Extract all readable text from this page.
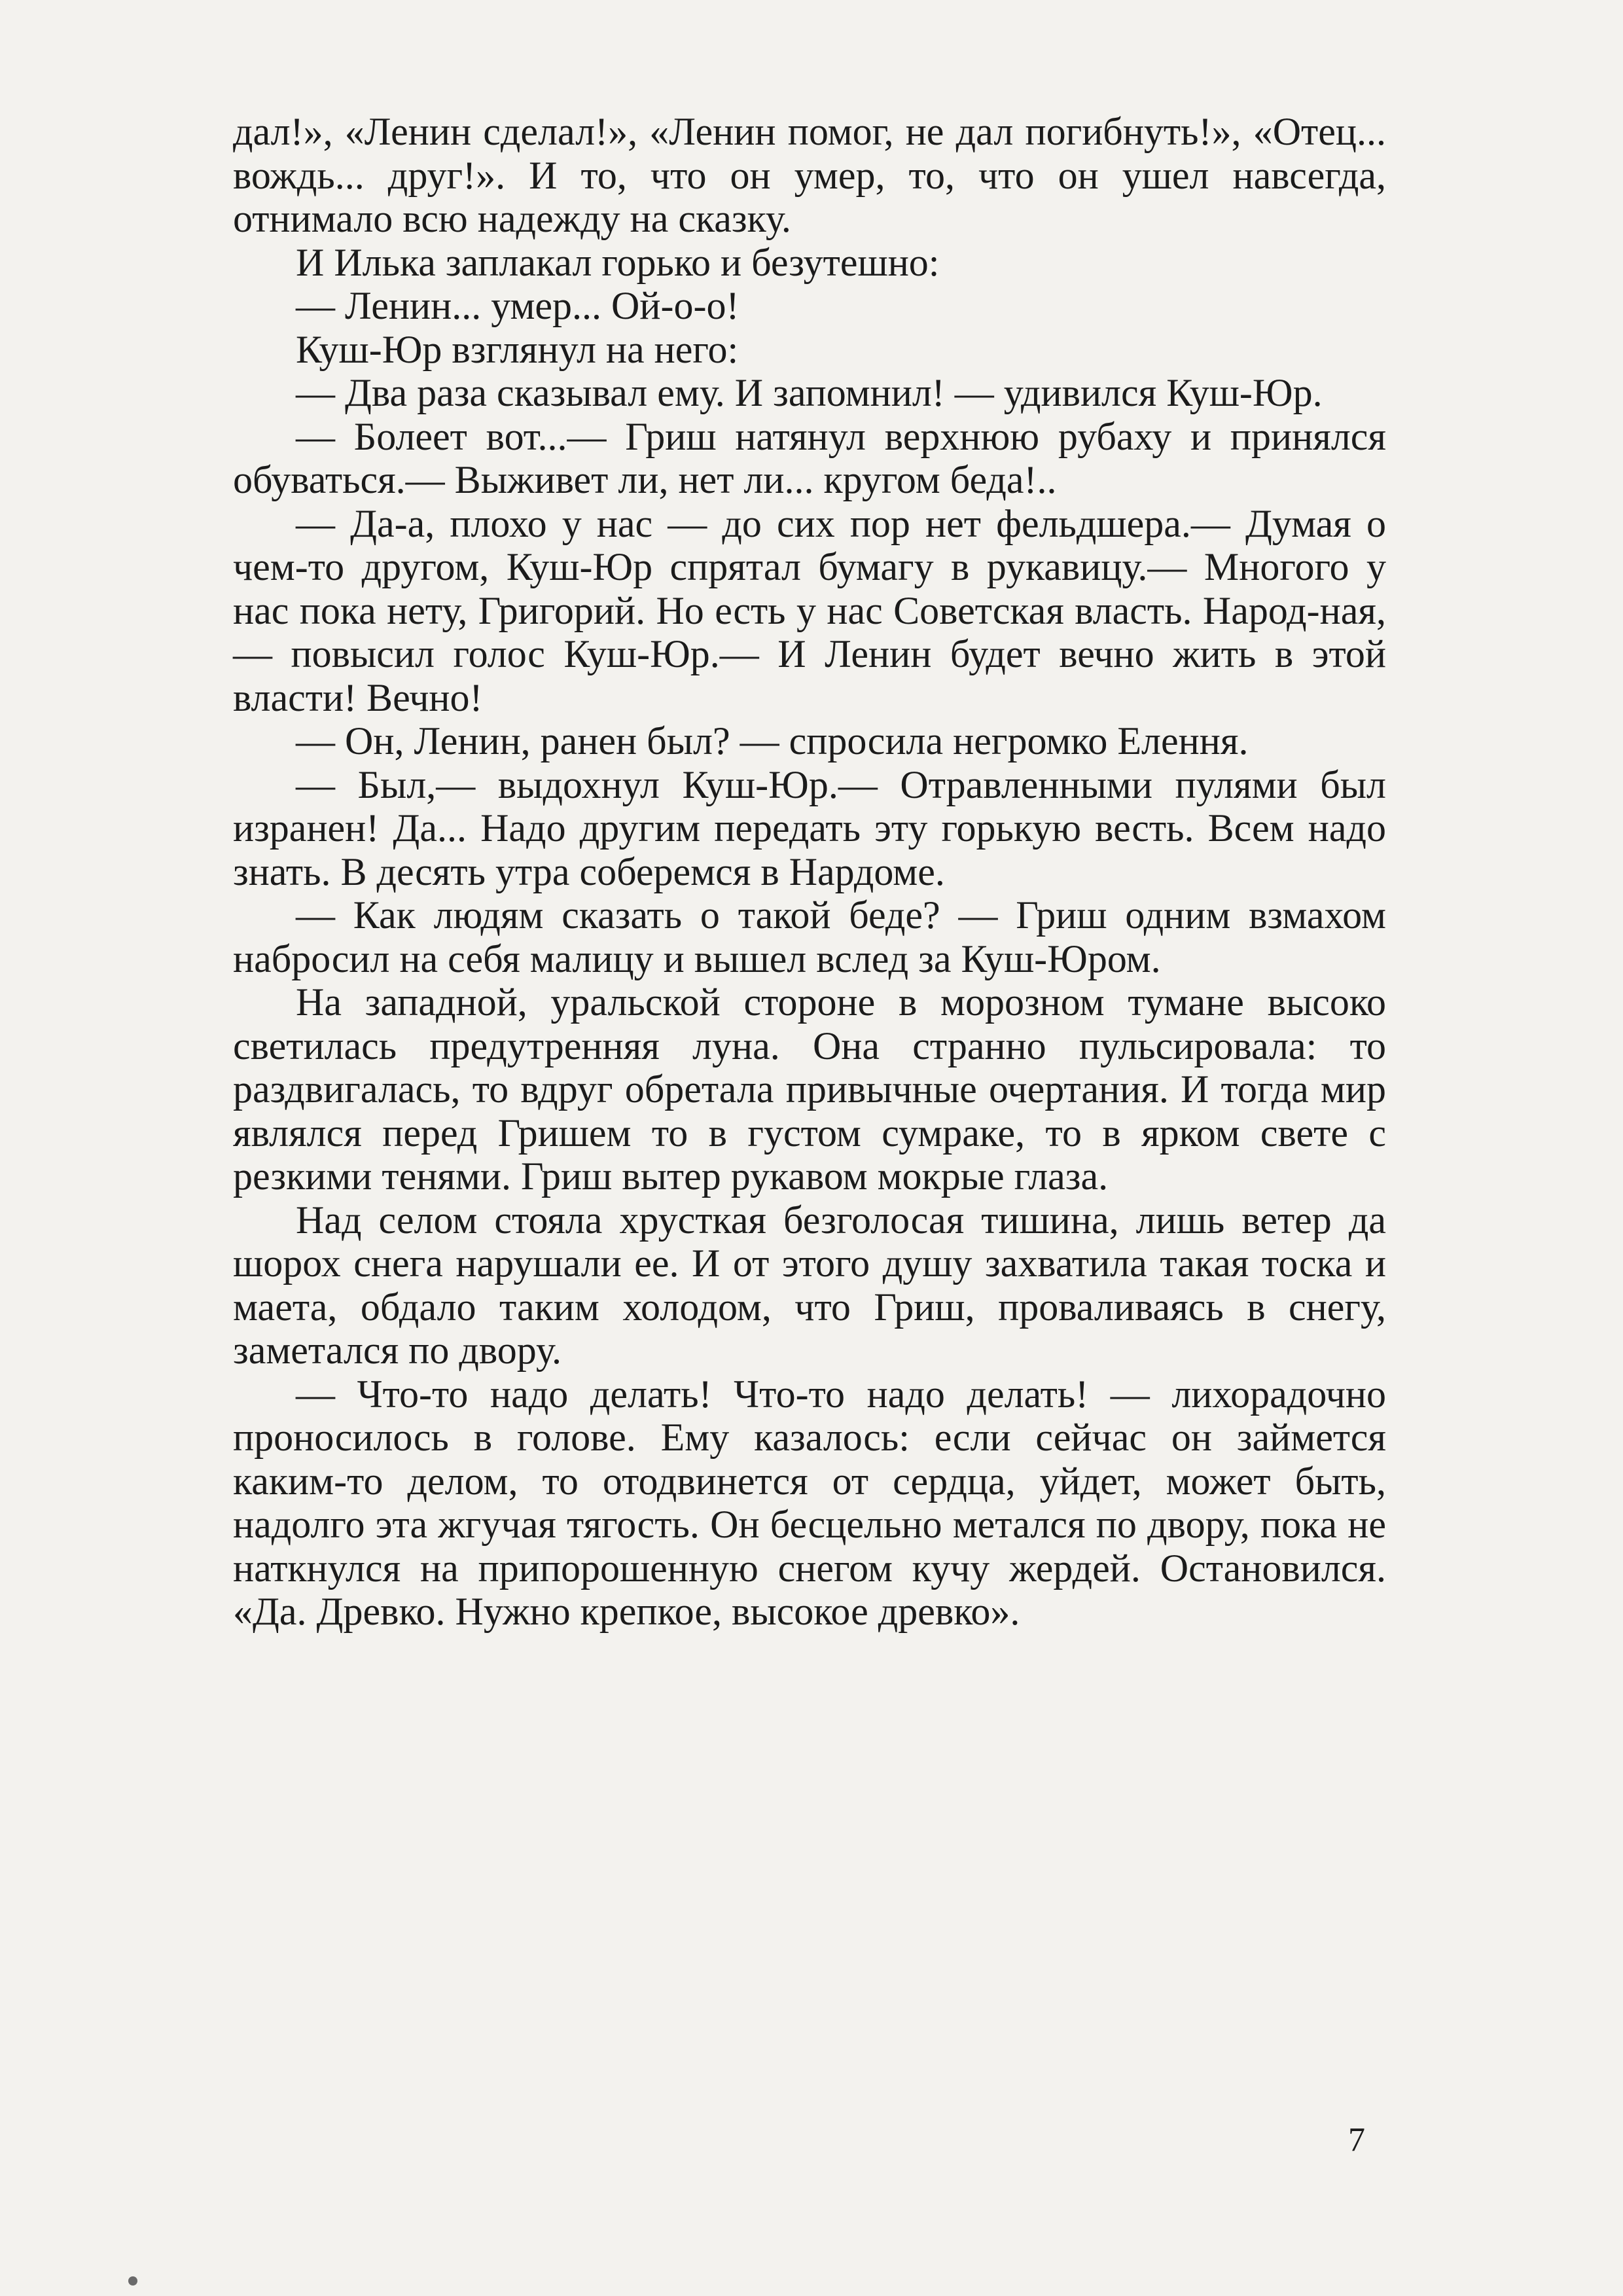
дал!», «Ленин сделал!», «Ленин помог, не дал погибнуть!», «Отец... вождь... друг!». И то, что он умер, то, что он ушел навсегда, отнимало всю надежду на сказку.

И Илька заплакал горько и безутешно:

— Ленин... умер... Ой-о-о!

Куш-Юр взглянул на него:

— Два раза сказывал ему. И запомнил! — удивился Куш-Юр.

— Болеет вот...— Гриш натянул верхнюю рубаху и принялся обуваться.— Выживет ли, нет ли... кругом беда!..

— Да-а, плохо у нас — до сих пор нет фельдшера.— Думая о чем-то другом, Куш-Юр спрятал бумагу в рукавицу.— Многого у нас пока нету, Григорий. Но есть у нас Советская власть. Народ-ная,— повысил голос Куш-Юр.— И Ленин будет вечно жить в этой власти! Вечно!

— Он, Ленин, ранен был? — спросила негромко Елення.

— Был,— выдохнул Куш-Юр.— Отравленными пулями был изранен! Да... Надо другим передать эту горькую весть. Всем надо знать. В десять утра соберемся в Нардоме.

— Как людям сказать о такой беде? — Гриш одним взмахом набросил на себя малицу и вышел вслед за Куш-Юром.

На западной, уральской стороне в морозном тумане высоко светилась предутренняя луна. Она странно пульсировала: то раздвигалась, то вдруг обретала привычные очертания. И тогда мир являлся перед Гришем то в густом сумраке, то в ярком свете с резкими тенями. Гриш вытер рукавом мокрые глаза.

Над селом стояла хрусткая безголосая тишина, лишь ветер да шорох снега нарушали ее. И от этого душу захватила такая тоска и маета, обдало таким холодом, что Гриш, проваливаясь в снегу, заметался по двору.

— Что-то надо делать! Что-то надо делать! — лихорадочно проносилось в голове. Ему казалось: если сейчас он займется каким-то делом, то отодвинется от сердца, уйдет, может быть, надолго эта жгучая тягость. Он бесцельно метался по двору, пока не наткнулся на припорошенную снегом кучу жердей. Остановился. «Да. Древко. Нужно крепкое, высокое древко».

7
